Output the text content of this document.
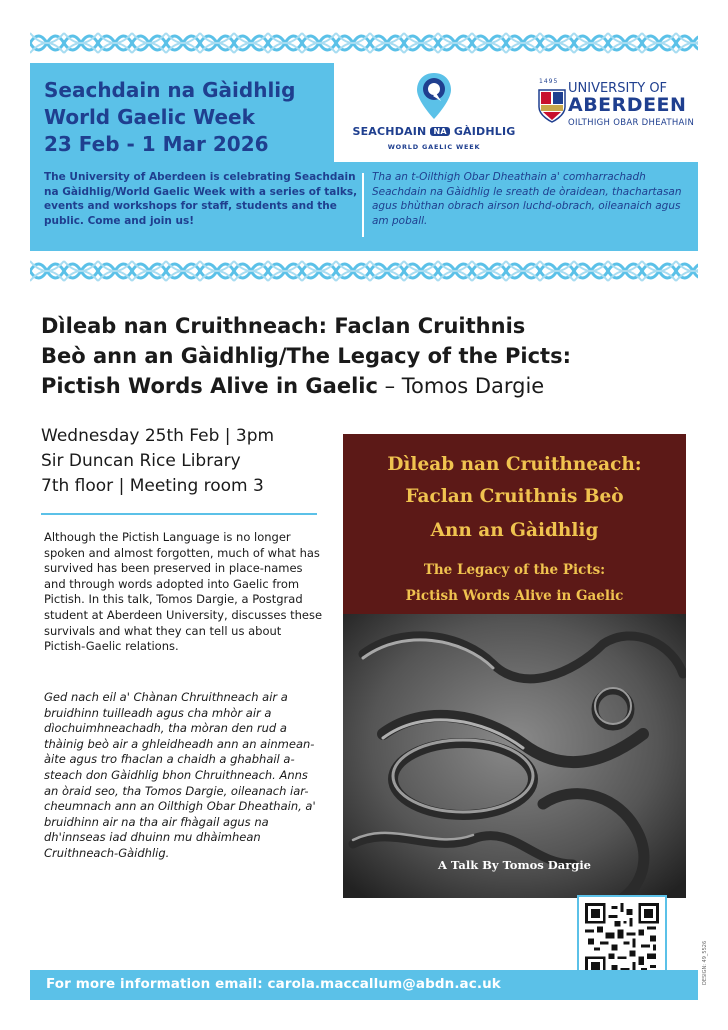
Seachdain na Gàidhlig
World Gaelic Week
23 Feb - 1 Mar 2026
SEACHDAIN NA GÀIDHLIG
WORLD GAELIC WEEK
1495 UNIVERSITY OF
ABERDEEN
OILTHIGH OBAR DHEATHAIN
The University of Aberdeen is celebrating Seachdain na Gàidhlig/World Gaelic Week with a series of talks, events and workshops for staff, students and the public. Come and join us!
Tha an t-Oilthigh Obar Dheathain a' comharrachadh Seachdain na Gàidhlig le sreath de òraidean, thachartasan agus bhùthan obrach airson luchd-obrach, oileanaich agus am poball.
Dìleab nan Cruithneach: Faclan Cruithnis
Beò ann an Gàidhlig/The Legacy of the Picts:
Pictish Words Alive in Gaelic – Tomos Dargie
Wednesday 25th Feb | 3pm
Sir Duncan Rice Library
7th floor | Meeting room 3
Although the Pictish Language is no longer spoken and almost forgotten, much of what has survived has been preserved in place-names and through words adopted into Gaelic from Pictish. In this talk, Tomos Dargie, a Postgrad student at Aberdeen University, discusses these survivals and what they can tell us about Pictish-Gaelic relations.
Ged nach eil a' Chànan Chruithneach air a bruidhinn tuilleadh agus cha mhòr air a dìochuimhneachadh, tha mòran den rud a thàinig beò air a ghleidheadh ann an ainmean-àite agus tro fhaclan a chaidh a ghabhail a-steach don Gàidhlig bhon Chruithneach. Anns an òraid seo, tha Tomos Dargie, oileanach iar-cheumnach ann an Oilthigh Obar Dheathain, a' bruidhinn air na tha air fhàgail agus na dh'innseas iad dhuinn mu dhàimhean Cruithneach-Gàidhlig.
Dìleab nan Cruithneach:
Faclan Cruithnis Beò
Ann an Gàidhlig
The Legacy of the Picts:
Pictish Words Alive in Gaelic
A Talk By Tomos Dargie
For more information email: carola.maccallum@abdn.ac.uk	DESIGN: 49_5526
